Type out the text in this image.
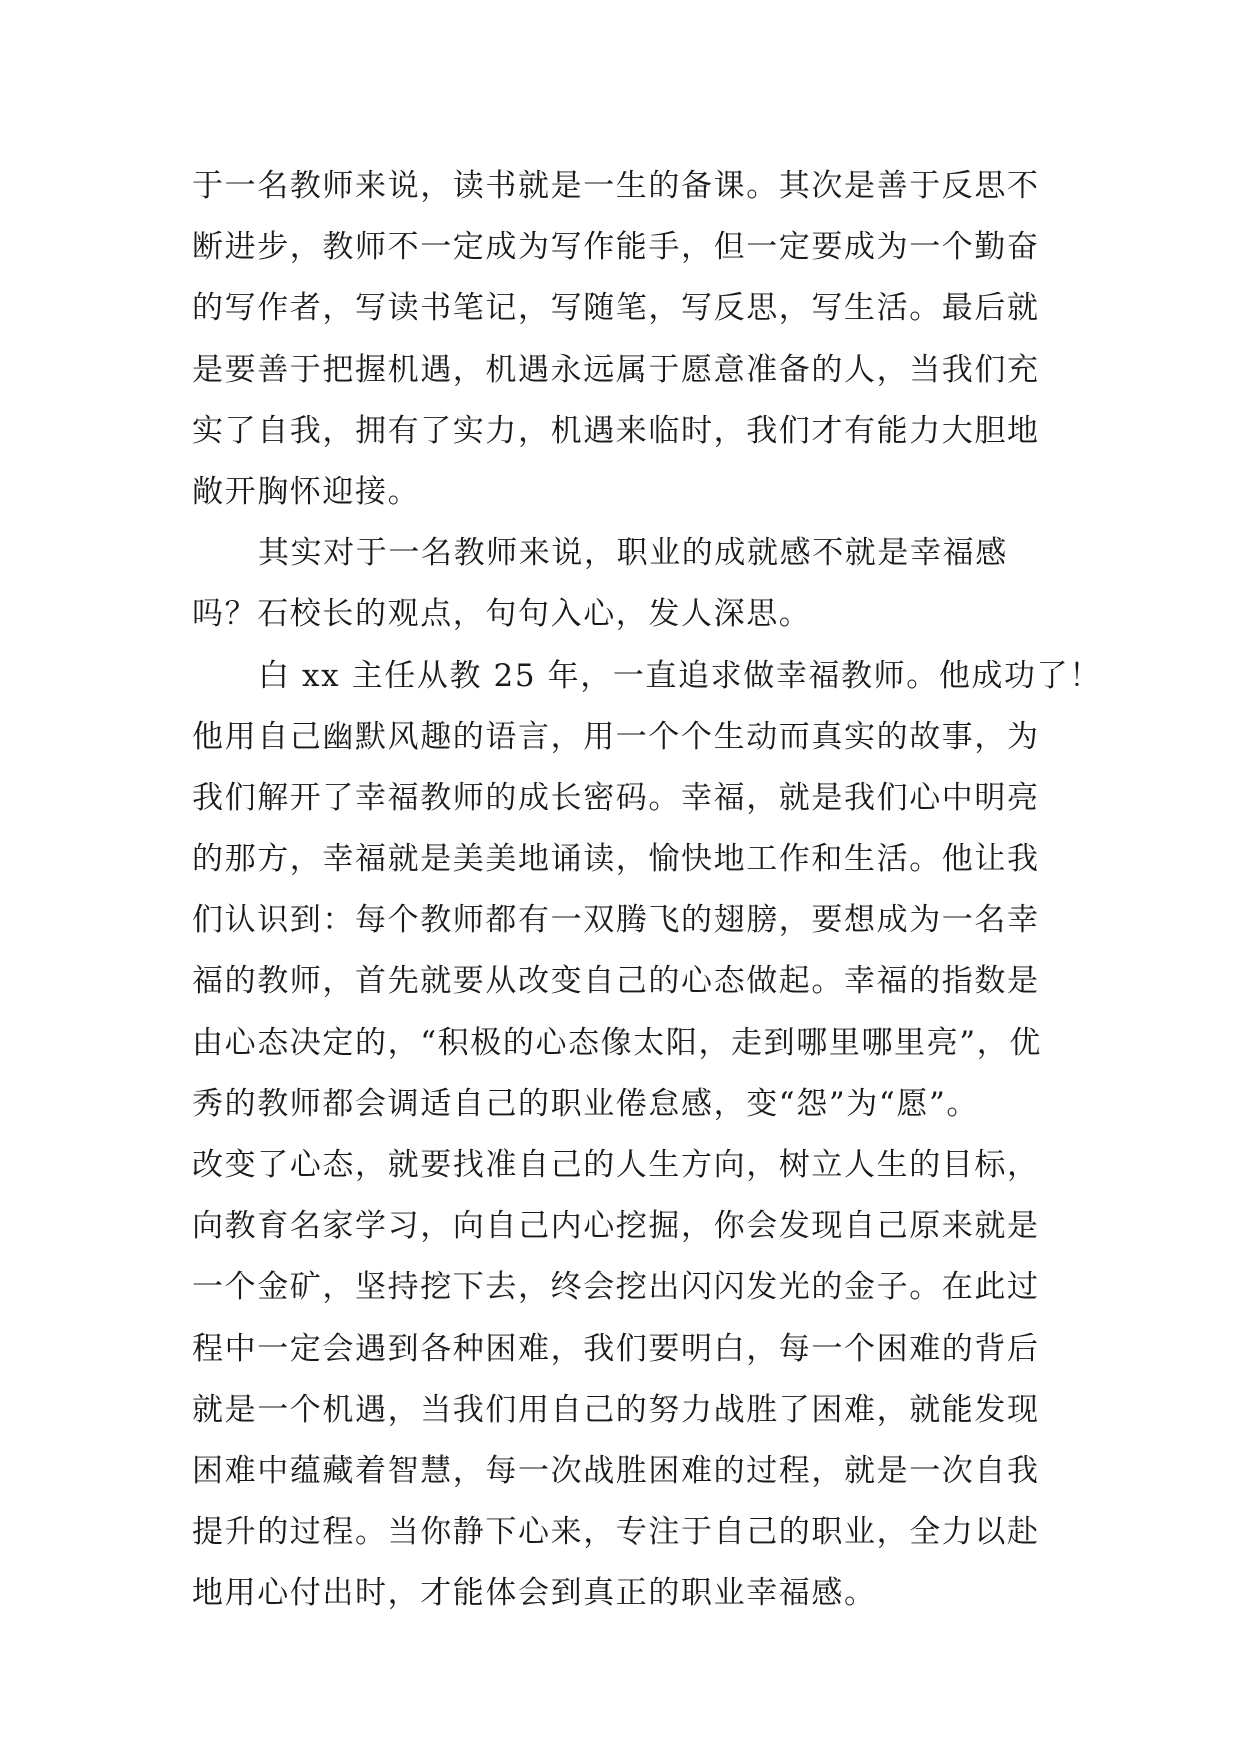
于一名教师来说，读书就是一生的备课。其次是善于反思不
断进步，教师不一定成为写作能手，但一定要成为一个勤奋
的写作者，写读书笔记，写随笔，写反思，写生活。最后就
是要善于把握机遇，机遇永远属于愿意准备的人，当我们充
实了自我，拥有了实力，机遇来临时，我们才有能力大胆地
敞开胸怀迎接。
其实对于一名教师来说，职业的成就感不就是幸福感
吗？石校长的观点，句句入心，发人深思。
白 xx 主任从教 25 年，一直追求做幸福教师。他成功了！
他用自己幽默风趣的语言，用一个个生动而真实的故事，为
我们解开了幸福教师的成长密码。幸福，就是我们心中明亮
的那方，幸福就是美美地诵读，愉快地工作和生活。他让我
们认识到：每个教师都有一双腾飞的翅膀，要想成为一名幸
福的教师，首先就要从改变自己的心态做起。幸福的指数是
由心态决定的，“积极的心态像太阳，走到哪里哪里亮”，优
秀的教师都会调适自己的职业倦怠感，变“怨”为“愿”。
改变了心态，就要找准自己的人生方向，树立人生的目标，
向教育名家学习，向自己内心挖掘，你会发现自己原来就是
一个金矿，坚持挖下去，终会挖出闪闪发光的金子。在此过
程中一定会遇到各种困难，我们要明白，每一个困难的背后
就是一个机遇，当我们用自己的努力战胜了困难，就能发现
困难中蕴藏着智慧，每一次战胜困难的过程，就是一次自我
提升的过程。当你静下心来，专注于自己的职业，全力以赴
地用心付出时，才能体会到真正的职业幸福感。
